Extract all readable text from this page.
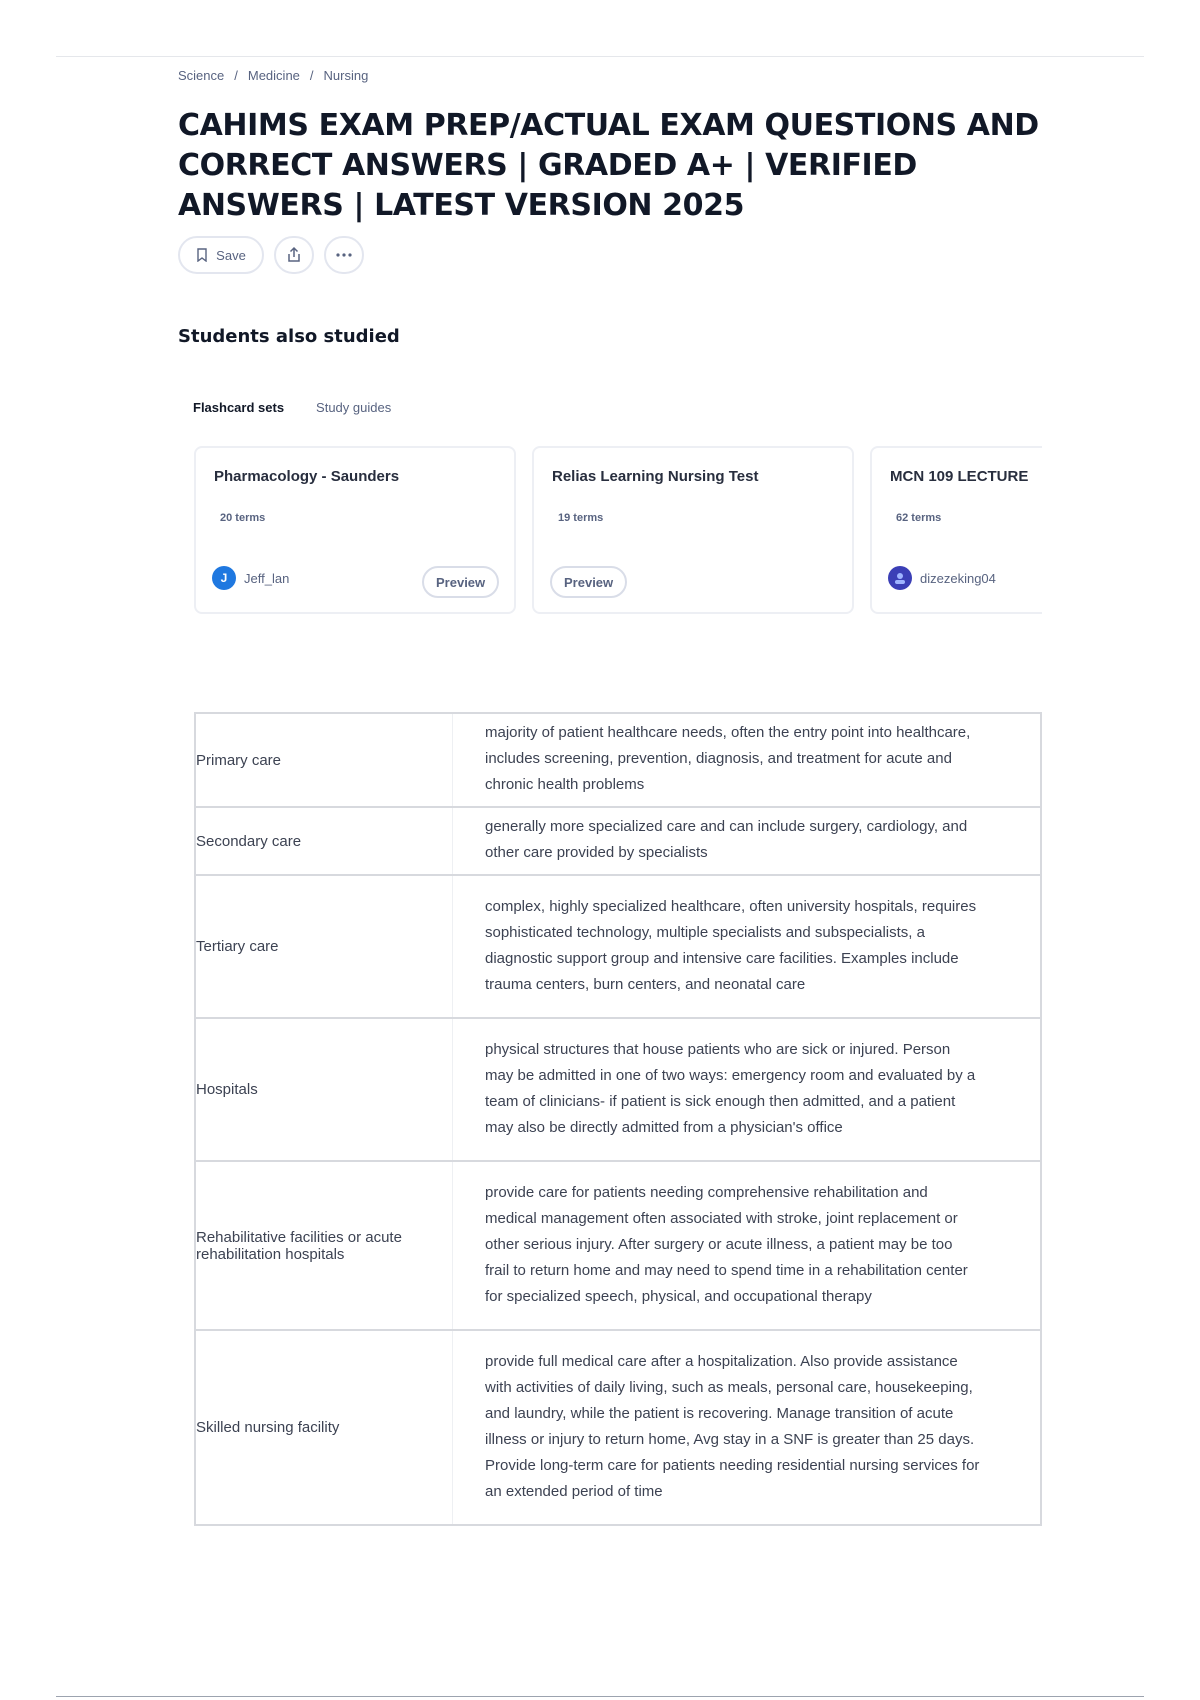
Science / Medicine / Nursing
CAHIMS EXAM PREP/ACTUAL EXAM QUESTIONS AND CORRECT ANSWERS | GRADED A+ | VERIFIED ANSWERS | LATEST VERSION 2025
Save
Students also studied
Flashcard sets Study guides
Pharmacology - Saunders
20 terms
J	Jeff_lan	Preview
Relias Learning Nursing Test
19 terms
Preview
MCN 109 LECTURE
62 terms
dizezeking04
Primary care	majority of patient healthcare needs, often the entry point into healthcare, includes screening, prevention, diagnosis, and treatment for acute and chronic health problems
Secondary care	generally more specialized care and can include surgery, cardiology, and other care provided by specialists
Tertiary care	complex, highly specialized healthcare, often university hospitals, requires sophisticated technology, multiple specialists and subspecialists, a diagnostic support group and intensive care facilities. Examples include trauma centers, burn centers, and neonatal care
Hospitals	physical structures that house patients who are sick or injured. Person may be admitted in one of two ways: emergency room and evaluated by a team of clinicians- if patient is sick enough then admitted, and a patient may also be directly admitted from a physician's office
Rehabilitative facilities or acute rehabilitation hospitals	provide care for patients needing comprehensive rehabilitation and medical management often associated with stroke, joint replacement or other serious injury. After surgery or acute illness, a patient may be too frail to return home and may need to spend time in a rehabilitation center for specialized speech, physical, and occupational therapy
Skilled nursing facility	provide full medical care after a hospitalization. Also provide assistance with activities of daily living, such as meals, personal care, housekeeping, and laundry, while the patient is recovering. Manage transition of acute illness or injury to return home, Avg stay in a SNF is greater than 25 days. Provide long-term care for patients needing residential nursing services for an extended period of time
